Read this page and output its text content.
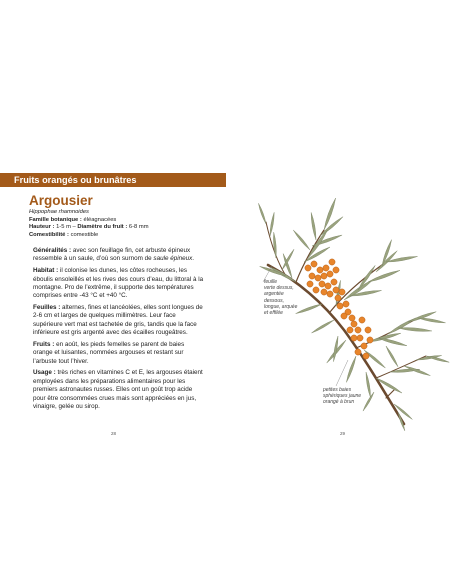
Fruits orangés ou brunâtres
Argousier
Hippophae rhamnoides
Famille botanique : éléagnacées
Hauteur : 1-5 m – Diamètre du fruit : 6-8 mm
Comestibilité : comestible

Généralités : avec son feuillage fin, cet arbuste épineux ressemble à un saule, d’où son surnom de saule épineux.

Habitat : il colonise les dunes, les côtes rocheuses, les éboulis ensoleillés et les rives des cours d’eau, du littoral à la montagne. Pro de l’extrême, il supporte des températures comprises entre -43 °C et +40 °C.

Feuilles : alternes, fines et lancéolées, elles sont longues de 2-6 cm et larges de quelques millimètres. Leur face supérieure vert mat est tachetée de gris, tandis que la face inférieure est gris argenté avec des écailles rougeâtres.

Fruits : en août, les pieds femelles se parent de baies orange et luisantes, nommées argouses et restant sur l’arbuste tout l’hiver.

Usage : très riches en vitamines C et E, les argouses étaient employées dans les préparations alimentaires pour les premiers astronautes russes. Elles ont un goût trop acide pour être consommées crues mais sont appréciées en jus, vinaigre, gelée ou sirop.

28
feuille
verte dessus,
argentée
dessous,
longue, arquée
et effilée
petites baies
sphériques jaune
orangé à brun
29
